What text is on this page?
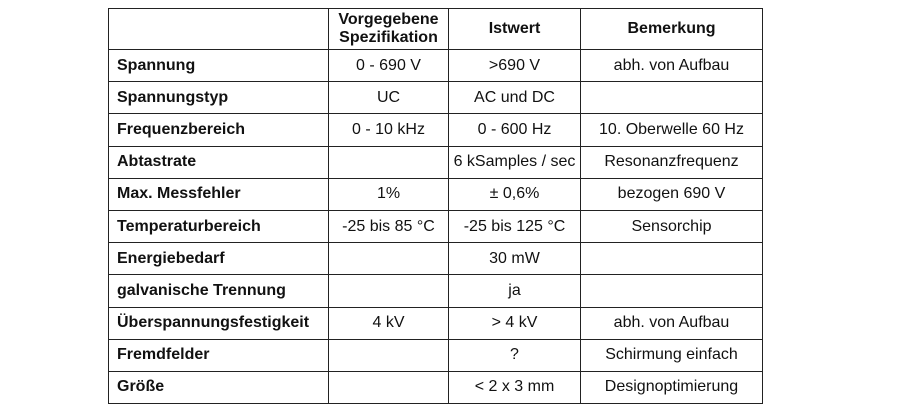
	Vorgegebene
Spezifikation	Istwert	Bemerkung
Spannung	0 - 690 V	>690 V	abh. von Aufbau
Spannungstyp	UC	AC und DC	
Frequenzbereich	0 - 10 kHz	0 - 600 Hz	10. Oberwelle 60 Hz
Abtastrate		6 kSamples / sec	Resonanzfrequenz
Max. Messfehler	1%	± 0,6%	bezogen 690 V
Temperaturbereich	-25 bis 85 °C	-25 bis 125 °C	Sensorchip
Energiebedarf		30 mW	
galvanische Trennung		ja	
Überspannungsfestigkeit	4 kV	> 4 kV	abh. von Aufbau
Fremdfelder		?	Schirmung einfach
Größe		< 2 x 3 mm	Designoptimierung
